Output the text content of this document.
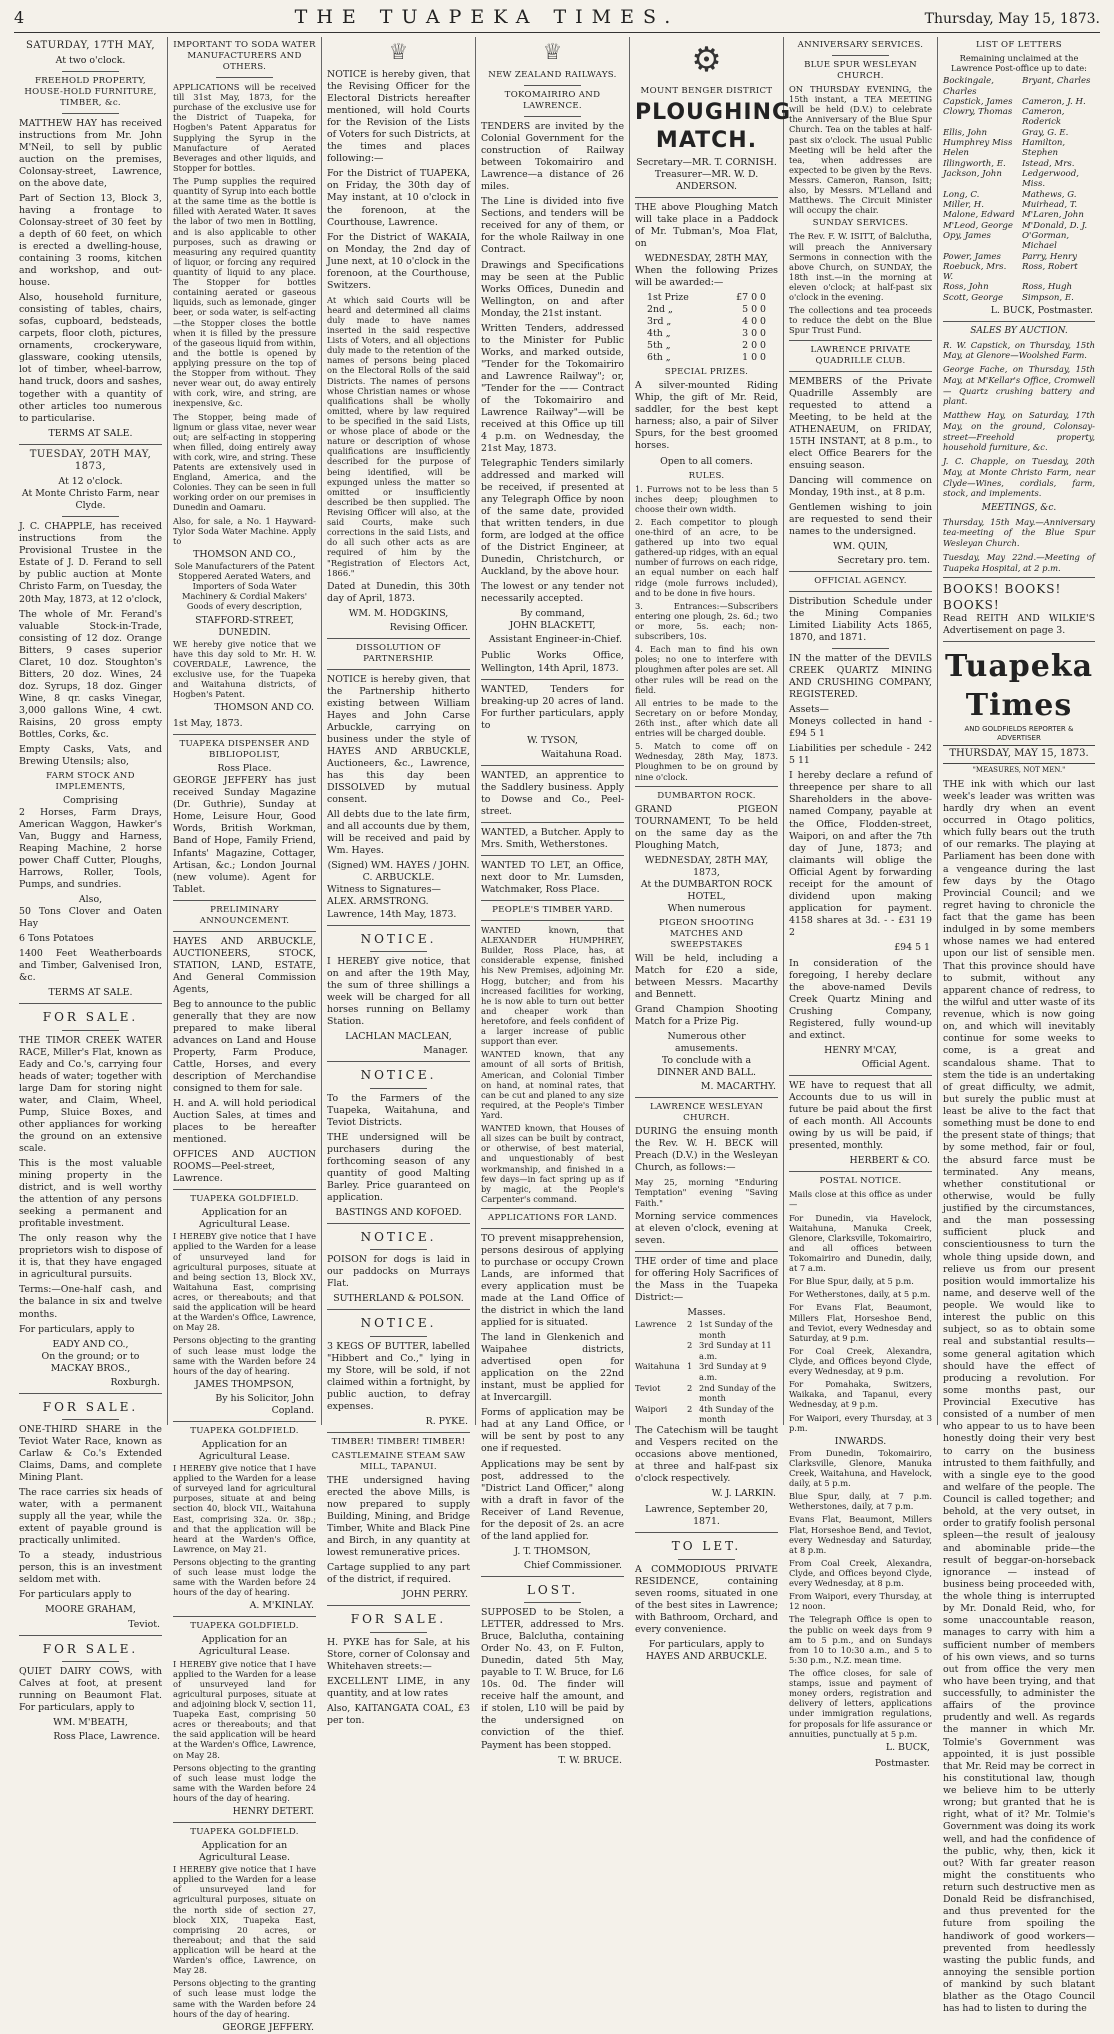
4	THE TUAPEKA TIMES.	Thursday, May 15, 1873.
SATURDAY, 17TH MAY,
At two o'clock.
FREEHOLD PROPERTY, HOUSE-HOLD FURNITURE, TIMBER, &c.

MATTHEW HAY has received instructions from Mr. John M'Neil, to sell by public auction on the premises, Colonsay-street, Lawrence, on the above date,

Part of Section 13, Block 3, having a frontage to Colonsay-street of 30 feet by a depth of 60 feet, on which is erected a dwelling-house, containing 3 rooms, kitchen and workshop, and out-house.

Also, household furniture, consisting of tables, chairs, sofas, cupboard, bedsteads, carpets, floor cloth, pictures, ornaments, crockeryware, glassware, cooking utensils, lot of timber, wheel-barrow, hand truck, doors and sashes, together with a quantity of other articles too numerous to particularise.

TERMS AT SALE.
TUESDAY, 20TH MAY, 1873,
At 12 o'clock.
At Monte Christo Farm, near Clyde.

J. C. CHAPPLE, has received instructions from the Provisional Trustee in the Estate of J. D. Ferand to sell by public auction at Monte Christo Farm, on Tuesday, the 20th May, 1873, at 12 o'clock,

The whole of Mr. Ferand's valuable Stock-in-Trade, consisting of 12 doz. Orange Bitters, 9 cases superior Claret, 10 doz. Stoughton's Bitters, 20 doz. Wines, 24 doz. Syrups, 18 doz. Ginger Wine, 8 qr. casks Vinegar, 3,000 gallons Wine, 4 cwt. Raisins, 20 gross empty Bottles, Corks, &c.

Empty Casks, Vats, and Brewing Utensils; also,

FARM STOCK AND IMPLEMENTS,
Comprising

2 Horses, Farm Drays, American Waggon, Hawker's Van, Buggy and Harness, Reaping Machine, 2 horse power Chaff Cutter, Ploughs, Harrows, Roller, Tools, Pumps, and sundries.

Also,

50 Tons Clover and Oaten Hay

6 Tons Potatoes

1400 Feet Weatherboards and Timber, Galvenised Iron, &c.

TERMS AT SALE.
FOR SALE.

THE TIMOR CREEK WATER RACE, Miller's Flat, known as Eady and Co.'s, carrying four heads of water; together with large Dam for storing night water, and Claim, Wheel, Pump, Sluice Boxes, and other appliances for working the ground on an extensive scale.

This is the most valuable mining property in the district, and is well worthy the attention of any persons seeking a permanent and profitable investment.

The only reason why the proprietors wish to dispose of it is, that they have engaged in agricultural pursuits.

Terms:—One-half cash, and the balance in six and twelve months.

For particulars, apply to

EADY AND CO.,
On the ground; or to
MACKAY BROS.,
Roxburgh.
FOR SALE.

ONE-THIRD SHARE in the Teviot Water Race, known as Carlaw & Co.'s Extended Claims, Dams, and complete Mining Plant.

The race carries six heads of water, with a permanent supply all the year, while the extent of payable ground is practically unlimited.

To a steady, industrious person, this is an investment seldom met with.

For particulars apply to

MOORE GRAHAM,
Teviot.
FOR SALE.

QUIET DAIRY COWS, with Calves at foot, at present running on Beaumont Flat. For particulars, apply to

WM. M'BEATH,
Ross Place, Lawrence.
IMPORTANT TO SODA WATER MANUFACTURERS AND OTHERS.

APPLICATIONS will be received till 31st May, 1873, for the purchase of the exclusive use for the District of Tuapeka, for Hogben's Patent Apparatus for Supplying the Syrup in the Manufacture of Aerated Beverages and other liquids, and Stopper for bottles.

The Pump supplies the required quantity of Syrup into each bottle at the same time as the bottle is filled with Aerated Water. It saves the labor of two men in Bottling, and is also applicable to other purposes, such as drawing or measuring any required quantity of liquor, or forcing any required quantity of liquid to any place. The Stopper for bottles containing aerated or gaseous liquids, such as lemonade, ginger beer, or soda water, is self-acting—the Stopper closes the bottle when it is filled by the pressure of the gaseous liquid from within, and the bottle is opened by applying pressure on the top of the Stopper from without. They never wear out, do away entirely with cork, wire, and string, are inexpensive, &c.

The Stopper, being made of lignum or glass vitae, never wear out; are self-acting in stoppering when filled, doing entirely away with cork, wire, and string. These Patents are extensively used in England, America, and the Colonies. They can be seen in full working order on our premises in Dunedin and Oamaru.

Also, for sale, a No. 1 Hayward-Tylor Soda Water Machine. Apply to

THOMSON AND CO.,

Sole Manufacturers of the Patent Stoppered Aerated Waters, and Importers of Soda Water Machinery & Cordial Makers' Goods of every description,

STAFFORD-STREET, DUNEDIN.

WE hereby give notice that we have this day sold to Mr. H. W. COVERDALE, Lawrence, the exclusive use, for the Tuapeka and Waitahuna districts, of Hogben's Patent.

THOMSON AND CO.
1st May, 1873.
TUAPEKA DISPENSER AND BIBLIOPOLIST,
Ross Place.

GEORGE JEFFERY has just received Sunday Magazine (Dr. Guthrie), Sunday at Home, Leisure Hour, Good Words, British Workman, Band of Hope, Family Friend, Infants' Magazine, Cottager, Artisan, &c.; London Journal (new volume). Agent for Tablet.

PRELIMINARY ANNOUNCEMENT.

HAYES AND ARBUCKLE, AUCTIONEERS, STOCK, STATION, LAND, ESTATE, And General Commission Agents,

Beg to announce to the public generally that they are now prepared to make liberal advances on Land and House Property, Farm Produce, Cattle, Horses, and every description of Merchandise consigned to them for sale.

H. and A. will hold periodical Auction Sales, at times and places to be hereafter mentioned.

OFFICES AND AUCTION ROOMS—Peel-street, Lawrence.

TUAPEKA GOLDFIELD.
Application for an Agricultural Lease.

I HEREBY give notice that I have applied to the Warden for a lease of unsurveyed land for agricultural purposes, situate at and being section 13, Block XV., Waitahuna East, comprising acres, or thereabouts; and that said the application will be heard at the Warden's Office, Lawrence, on May 28.

Persons objecting to the granting of such lease must lodge the same with the Warden before 24 hours of the day of hearing.

JAMES THOMPSON,
By his Solicitor, John Copland.
TUAPEKA GOLDFIELD.
Application for an Agricultural Lease.

I HEREBY give notice that I have applied to the Warden for a lease of surveyed land for agricultural purposes, situate at and being section 40, block VII., Waitahuna East, comprising 32a. 0r. 38p.; and that the application will be heard at the Warden's Office, Lawrence, on May 21.

Persons objecting to the granting of such lease must lodge the same with the Warden before 24 hours of the day of hearing.

A. M'KINLAY.
TUAPEKA GOLDFIELD.
Application for an Agricultural Lease.

I HEREBY give notice that I have applied to the Warden for a lease of unsurveyed land for agricultural purposes, situate at and adjoining block V, section 11, Tuapeka East, comprising 50 acres or thereabouts; and that the said application will be heard at the Warden's Office, Lawrence, on May 28.

Persons objecting to the granting of such lease must lodge the same with the Warden before 24 hours of the day of hearing.

HENRY DETERT.
TUAPEKA GOLDFIELD.
Application for an Agricultural Lease.

I HEREBY give notice that I have applied to the Warden for a lease of unsurveyed land for agricultural purposes, situate on the north side of section 27, block XIX, Tuapeka East, comprising 20 acres, or thereabout; and that the said application will be heard at the Warden's office, Lawrence, on May 28.

Persons objecting to the granting of such lease must lodge the same with the Warden before 24 hours of the day of hearing.

GEORGE JEFFERY.
♕

NOTICE is hereby given, that the Revising Officer for the Electoral Districts hereafter mentioned, will hold Courts for the Revision of the Lists of Voters for such Districts, at the times and places following:—

For the District of TUAPEKA, on Friday, the 30th day of May instant, at 10 o'clock in the forenoon, at the Courthouse, Lawrence.

For the District of WAKAIA, on Monday, the 2nd day of June next, at 10 o'clock in the forenoon, at the Courthouse, Switzers.

At which said Courts will be heard and determined all claims duly made to have names inserted in the said respective Lists of Voters, and all objections duly made to the retention of the names of persons being placed on the Electoral Rolls of the said Districts. The names of persons whose Christian names or whose qualifications shall be wholly omitted, where by law required to be specified in the said Lists, or whose place of abode or the nature or description of whose qualifications are insufficiently described for the purpose of being identified, will be expunged unless the matter so omitted or insufficiently described be then supplied. The Revising Officer will also, at the said Courts, make such corrections in the said Lists, and do all such other acts as are required of him by the "Registration of Electors Act, 1866."

Dated at Dunedin, this 30th day of April, 1873.

WM. M. HODGKINS,
Revising Officer.
DISSOLUTION OF PARTNERSHIP.

NOTICE is hereby given, that the Partnership hitherto existing between William Hayes and John Carse Arbuckle, carrying on business under the style of HAYES AND ARBUCKLE, Auctioneers, &c., Lawrence, has this day been DISSOLVED by mutual consent.

All debts due to the late firm, and all accounts due by them, will be received and paid by Wm. Hayes.

(Signed) WM. HAYES / JOHN. C. ARBUCKLE.
Witness to Signatures—
ALEX. ARMSTRONG.
Lawrence, 14th May, 1873.
NOTICE.

I HEREBY give notice, that on and after the 19th May, the sum of three shillings a week will be charged for all horses running on Bellamy Station.

LACHLAN MACLEAN,
Manager.
NOTICE.

To the Farmers of the Tuapeka, Waitahuna, and Teviot Districts.

THE undersigned will be purchasers during the forthcoming season of any quantity of good Malting Barley. Price guaranteed on application.

BASTINGS AND KOFOED.
NOTICE.

POISON for dogs is laid in our paddocks on Murrays Flat.

SUTHERLAND & POLSON.
NOTICE.

3 KEGS OF BUTTER, labelled "Hibbert and Co.," lying in my Store, will be sold, if not claimed within a fortnight, by public auction, to defray expenses.

R. PYKE.
TIMBER! TIMBER! TIMBER!
CASTLEMAINE STEAM SAW MILL, TAPANUI.

THE undersigned having erected the above Mills, is now prepared to supply Building, Mining, and Bridge Timber, White and Black Pine and Birch, in any quantity at lowest remunerative prices.

Cartage supplied to any part of the district, if required.

JOHN PERRY.
FOR SALE.

H. PYKE has for Sale, at his Store, corner of Colonsay and Whitehaven streets:—

EXCELLENT LIME, in any quantity, and at low rates

Also, KAITANGATA COAL, £3 per ton.

♕
NEW ZEALAND RAILWAYS.
TOKOMAIRIRO AND LAWRENCE.

TENDERS are invited by the Colonial Government for the construction of Railway between Tokomairiro and Lawrence—a distance of 26 miles.

The Line is divided into five Sections, and tenders will be received for any of them, or for the whole Railway in one Contract.

Drawings and Specifications may be seen at the Public Works Offices, Dunedin and Wellington, on and after Monday, the 21st instant.

Written Tenders, addressed to the Minister for Public Works, and marked outside, "Tender for the Tokomairiro and Lawrence Railway"; or, "Tender for the —— Contract of the Tokomairiro and Lawrence Railway"—will be received at this Office up till 4 p.m. on Wednesday, the 21st May, 1873.

Telegraphic Tenders similarly addressed and marked will be received, if presented at any Telegraph Office by noon of the same date, provided that written tenders, in due form, are lodged at the office of the District Engineer, at Dunedin, Christchurch, or Auckland, by the above hour.

The lowest or any tender not necessarily accepted.

By command,
JOHN BLACKETT,
Assistant Engineer-in-Chief.

Public Works Office, Wellington, 14th April, 1873.

WANTED, Tenders for breaking-up 20 acres of land. For further particulars, apply to

W. TYSON,
Waitahuna Road.

WANTED, an apprentice to the Saddlery business. Apply to Dowse and Co., Peel-street.

WANTED, a Butcher. Apply to Mrs. Smith, Wetherstones.

WANTED TO LET, an Office, next door to Mr. Lumsden, Watchmaker, Ross Place.

PEOPLE'S TIMBER YARD.

WANTED known, that ALEXANDER HUMPHREY, Builder, Ross Place, has, at considerable expense, finished his New Premises, adjoining Mr. Hogg, butcher; and from his increased facilities for working, he is now able to turn out better and cheaper work than heretofore, and feels confident of a larger increase of public support than ever.

WANTED known, that any amount of all sorts of British, American, and Colonial Timber on hand, at nominal rates, that can be cut and planed to any size required, at the People's Timber Yard.

WANTED known, that Houses of all sizes can be built by contract, or otherwise, of best material, and unquestionably of best workmanship, and finished in a few days—in fact spring up as if by magic, at the People's Carpenter's command.

APPLICATIONS FOR LAND.

TO prevent misapprehension, persons desirous of applying to purchase or occupy Crown Lands, are informed that every application must be made at the Land Office of the district in which the land applied for is situated.

The land in Glenkenich and Waipahee districts, advertised open for application on the 22nd instant, must be applied for at Invercargill.

Forms of application may be had at any Land Office, or will be sent by post to any one if requested.

Applications may be sent by post, addressed to the "District Land Officer," along with a draft in favor of the Receiver of Land Revenue, for the deposit of 2s. an acre of the land applied for.

J. T. THOMSON,
Chief Commissioner.
LOST.

SUPPOSED to be Stolen, a LETTER, addressed to Mrs. Bruce, Balclutha, containing Order No. 43, on F. Fulton, Dunedin, dated 5th May, payable to T. W. Bruce, for L6 10s. 0d. The finder will receive half the amount, and if stolen, L10 will be paid by the undersigned on conviction of the thief. Payment has been stopped.

T. W. BRUCE.
⚙
MOUNT BENGER DISTRICT
PLOUGHING MATCH.
Secretary—MR. T. CORNISH.
Treasurer—MR. W. D. ANDERSON.

THE above Ploughing Match will take place in a Paddock of Mr. Tubman's, Moa Flat, on

WEDNESDAY, 28TH MAY,

When the following Prizes will be awarded:—

1st Prize	£7 0 0
2nd „	5 0 0
3rd „	4 0 0
4th „	3 0 0
5th „	2 0 0
6th „	1 0 0
SPECIAL PRIZES.

A silver-mounted Riding Whip, the gift of Mr. Reid, saddler, for the best kept harness; also, a pair of Silver Spurs, for the best groomed horses.

Open to all comers.
RULES.

1. Furrows not to be less than 5 inches deep; ploughmen to choose their own width.

2. Each competitor to plough one-third of an acre, to be gathered up into two equal gathered-up ridges, with an equal number of furrows on each ridge, an equal number on each half ridge (mole furrows included), and to be done in five hours.

3. Entrances:—Subscribers entering one plough, 2s. 6d.; two or more, 5s. each; non-subscribers, 10s.

4. Each man to find his own poles; no one to interfere with ploughmen after poles are set. All other rules will be read on the field.

All entries to be made to the Secretary on or before Monday, 26th inst., after which date all entries will be charged double.

5. Match to come off on Wednesday, 28th May, 1873. Ploughmen to be on ground by nine o'clock.

DUMBARTON ROCK.

GRAND PIGEON TOURNAMENT, To be held on the same day as the Ploughing Match,

WEDNESDAY, 28TH MAY, 1873,
At the DUMBARTON ROCK HOTEL,
When numerous
PIGEON SHOOTING MATCHES AND SWEEPSTAKES

Will be held, including a Match for £20 a side, between Messrs. Macarthy and Bennett.

Grand Champion Shooting Match for a Prize Pig.

Numerous other amusements.
To conclude with a
DINNER AND BALL.
M. MACARTHY.
LAWRENCE WESLEYAN CHURCH.

DURING the ensuing month the Rev. W. H. BECK will Preach (D.V.) in the Wesleyan Church, as follows:—

May 25, morning "Enduring Temptation" evening "Saving Faith."

Morning service commences at eleven o'clock, evening at seven.

THE order of time and place for offering Holy Sacrifices of the Mass in the Tuapeka District:—

Masses.
Lawrence	2 1st Sunday of the month
2 3rd Sunday at 11 a.m.
Waitahuna 1 3rd Sunday at 9 a.m.
Teviot	2 2nd Sunday of the month
Waipori	2 4th Sunday of the month

The Catechism will be taught and Vespers recited on the occasions above mentioned, at three and half-past six o'clock respectively.

W. J. LARKIN.
Lawrence, September 20, 1871.
TO LET.

A COMMODIOUS PRIVATE RESIDENCE, containing seven rooms, situated in one of the best sites in Lawrence; with Bathroom, Orchard, and every convenience.

For particulars, apply to
HAYES AND ARBUCKLE.
ANNIVERSARY SERVICES.
BLUE SPUR WESLEYAN CHURCH.

ON THURSDAY EVENING, the 15th instant, a TEA MEETING will be held (D.V.) to celebrate the Anniversary of the Blue Spur Church. Tea on the tables at half-past six o'clock. The usual Public Meeting will be held after the tea, when addresses are expected to be given by the Revs. Messrs. Cameron, Ranson, Isitt; also, by Messrs. M'Lelland and Matthews. The Circuit Minister will occupy the chair.

SUNDAY SERVICES.

The Rev. F. W. ISITT, of Balclutha, will preach the Anniversary Sermons in connection with the above Church, on SUNDAY, the 18th inst.—in the morning at eleven o'clock; at half-past six o'clock in the evening.

The collections and tea proceeds to reduce the debt on the Blue Spur Trust Fund.

LAWRENCE PRIVATE QUADRILLE CLUB.

MEMBERS of the Private Quadrille Assembly are requested to attend a Meeting, to be held at the ATHENAEUM, on FRIDAY, 15TH INSTANT, at 8 p.m., to elect Office Bearers for the ensuing season.

Dancing will commence on Monday, 19th inst., at 8 p.m.

Gentlemen wishing to join are requested to send their names to the undersigned.

WM. QUIN,
Secretary pro. tem.
OFFICIAL AGENCY.

Distribution Schedule under the Mining Companies Limited Liability Acts 1865, 1870, and 1871.

IN the matter of the DEVILS CREEK QUARTZ MINING AND CRUSHING COMPANY, REGISTERED.

Assets—

Moneys collected in hand - £94 5 1

Liabilities per schedule - 242 5 11

I hereby declare a refund of threepence per share to all Shareholders in the above-named Company, payable at the Office, Flodden-street, Waipori, on and after the 7th day of June, 1873; and claimants will oblige the Official Agent by forwarding receipt for the amount of dividend upon making application for payment. 4158 shares at 3d. - - £31 19 2

£94 5 1

In consideration of the foregoing, I hereby declare the above-named Devils Creek Quartz Mining and Crushing Company, Registered, fully wound-up and extinct.

HENRY M'CAY,
Official Agent.

WE have to request that all Accounts due to us will in future be paid about the first of each month. All Accounts owing by us will be paid, if presented, monthly.

HERBERT & CO.
POSTAL NOTICE.

Mails close at this office as under—

For Dunedin, via Havelock, Waitahuna, Manuka Creek, Glenore, Clarksville, Tokomairiro, and all offices between Tokomairiro and Dunedin, daily, at 7 a.m.

For Blue Spur, daily, at 5 p.m.

For Wetherstones, daily, at 5 p.m.

For Evans Flat, Beaumont, Millers Flat, Horseshoe Bend, and Teviot, every Wednesday and Saturday, at 9 p.m.

For Coal Creek, Alexandra, Clyde, and Offices beyond Clyde, every Wednesday, at 9 p.m.

For Pomahaka, Switzers, Waikaka, and Tapanui, every Wednesday, at 9 p.m.

For Waipori, every Thursday, at 3 p.m.

INWARDS.

From Dunedin, Tokomairiro, Clarksville, Glenore, Manuka Creek, Waitahuna, and Havelock, daily, at 5 p.m.

Blue Spur, daily, at 7 p.m. Wetherstones, daily, at 7 p.m.

Evans Flat, Beaumont, Millers Flat, Horseshoe Bend, and Teviot, every Wednesday and Saturday, at 8 p.m.

From Coal Creek, Alexandra, Clyde, and Offices beyond Clyde, every Wednesday, at 8 p.m.

From Waipori, every Thursday, at 12 noon.

The Telegraph Office is open to the public on week days from 9 am to 5 p.m., and on Sundays from 10 to 10:30 a.m., and 5 to 5:30 p.m., N.Z. mean time.

The office closes, for sale of stamps, issue and payment of money orders, registration and delivery of letters, applications under immigration regulations, for proposals for life assurance or annuities, punctually at 5 p.m.

L. BUCK,
Postmaster.
LIST OF LETTERS

Remaining unclaimed at the Lawrence Post-office up to date:

Bockingale, Charles
Bryant, Charles
Capstick, James	Cameron, J. H.
Clowry, Thomas	Cameron, Roderick
Ellis, John	Gray, G. E.
Humphrey Miss Helen
Hamilton, Stephen
Illingworth, E.	Istead, Mrs.
Jackson, John	Ledgerwood, Miss.
Long, C.	Mathews, G.
Miller, H.	Muirhead, T.
Malone, Edward M'Laren, John
M'Leod, George	M'Donald, D. J.
Opy, James	O'Gorman, Michael
Power, James	Parry, Henry
Roebuck, Mrs. W.
Ross, Robert
Ross, John	Ross, Hugh
Scott, George	Simpson, E.
L. BUCK, Postmaster.
SALES BY AUCTION.

R. W. Capstick, on Thursday, 15th May, at Glenore—Woolshed Farm.

George Fache, on Thursday, 15th May, at M'Kellar's Office, Cromwell — Quartz crushing battery and plant.

Matthew Hay, on Saturday, 17th May, on the ground, Colonsay-street—Freehold property, household furniture, &c.

J. C. Chapple, on Tuesday, 20th May, at Monte Christo Farm, near Clyde—Wines, cordials, farm, stock, and implements.

MEETINGS, &c.

Thursday, 15th May.—Anniversary tea-meeting of the Blue Spur Wesleyan Church.

Tuesday, May 22nd.—Meeting of Tuapeka Hospital, at 2 p.m.

BOOKS! BOOKS! BOOKS!

Read REITH AND WILKIE'S Advertisement on page 3.

Tuapeka Times
AND GOLDFIELDS REPORTER & ADVERTISER
THURSDAY, MAY 15, 1873.
"MEASURES, NOT MEN."
THE ink with which our last week's leader was written was hardly dry when an event occurred in Otago politics, which fully bears out the truth of our remarks. The playing at Parliament has been done with a vengeance during the last few days by the Otago Provincial Council; and we regret having to chronicle the fact that the game has been indulged in by some members whose names we had entered upon our list of sensible men. That this province should have to submit, without any apparent chance of redress, to the wilful and utter waste of its revenue, which is now going on, and which will inevitably continue for some weeks to come, is a great and scandalous shame. That to stem the tide is an undertaking of great difficulty, we admit, but surely the public must at least be alive to the fact that something must be done to end the present state of things; that by some method, fair or foul, the absurd farce must be terminated. Any means, whether constitutional or otherwise, would be fully justified by the circumstances, and the man possessing sufficient pluck and conscientiousness to turn the whole thing upside down, and relieve us from our present position would immortalize his name, and deserve well of the people. We would like to interest the public on this subject, so as to obtain some real and substantial results—some general agitation which should have the effect of producing a revolution. For some months past, our Provincial Executive has consisted of a number of men who appear to us to have been honestly doing their very best to carry on the business intrusted to them faithfully, and with a single eye to the good and welfare of the people. The Council is called together; and behold, at the very outset, in order to gratify foolish personal spleen—the result of jealousy and abominable pride—the result of beggar-on-horseback ignorance — instead of business being proceeded with, the whole thing is interrupted by Mr. Donald Reid, who, for some unaccountable reason, manages to carry with him a sufficient number of members of his own views, and so turns out from office the very men who have been trying, and that successfully, to administer the affairs of the province prudently and well. As regards the manner in which Mr. Tolmie's Government was appointed, it is just possible that Mr. Reid may be correct in his constitutional law, though we believe him to be utterly wrong; but granted that he is right, what of it? Mr. Tolmie's Government was doing its work well, and had the confidence of the public, why, then, kick it out? With far greater reason might the constituents who return such destructive men as Donald Reid be disfranchised, and thus prevented for the future from spoiling the handiwork of good workers—prevented from heedlessly wasting the public funds, and annoying the sensible portion of mankind by such blatant blather as the Otago Council has had to listen to during the
